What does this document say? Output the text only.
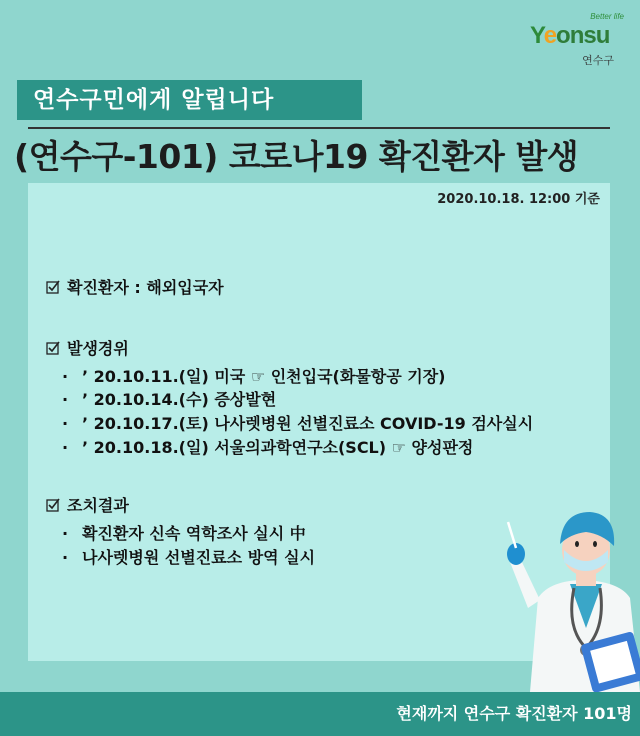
Better life
Yeonsu
연수구
연수구민에게 알립니다
(연수구-101) 코로나19 확진환자 발생
2020.10.18. 12:00 기준
확진환자 : 해외입국자
발생경위
· ’ 20.10.11.(일) 미국 ☞ 인천입국(화물항공 기장)
· ’ 20.10.14.(수) 증상발현
· ’ 20.10.17.(토) 나사렛병원 선별진료소 COVID-19 검사실시
· ’ 20.10.18.(일) 서울의과학연구소(SCL) ☞ 양성판정
조치결과
· 확진환자 신속 역학조사 실시 中
· 나사렛병원 선별진료소 방역 실시
현재까지 연수구 확진환자 101명
